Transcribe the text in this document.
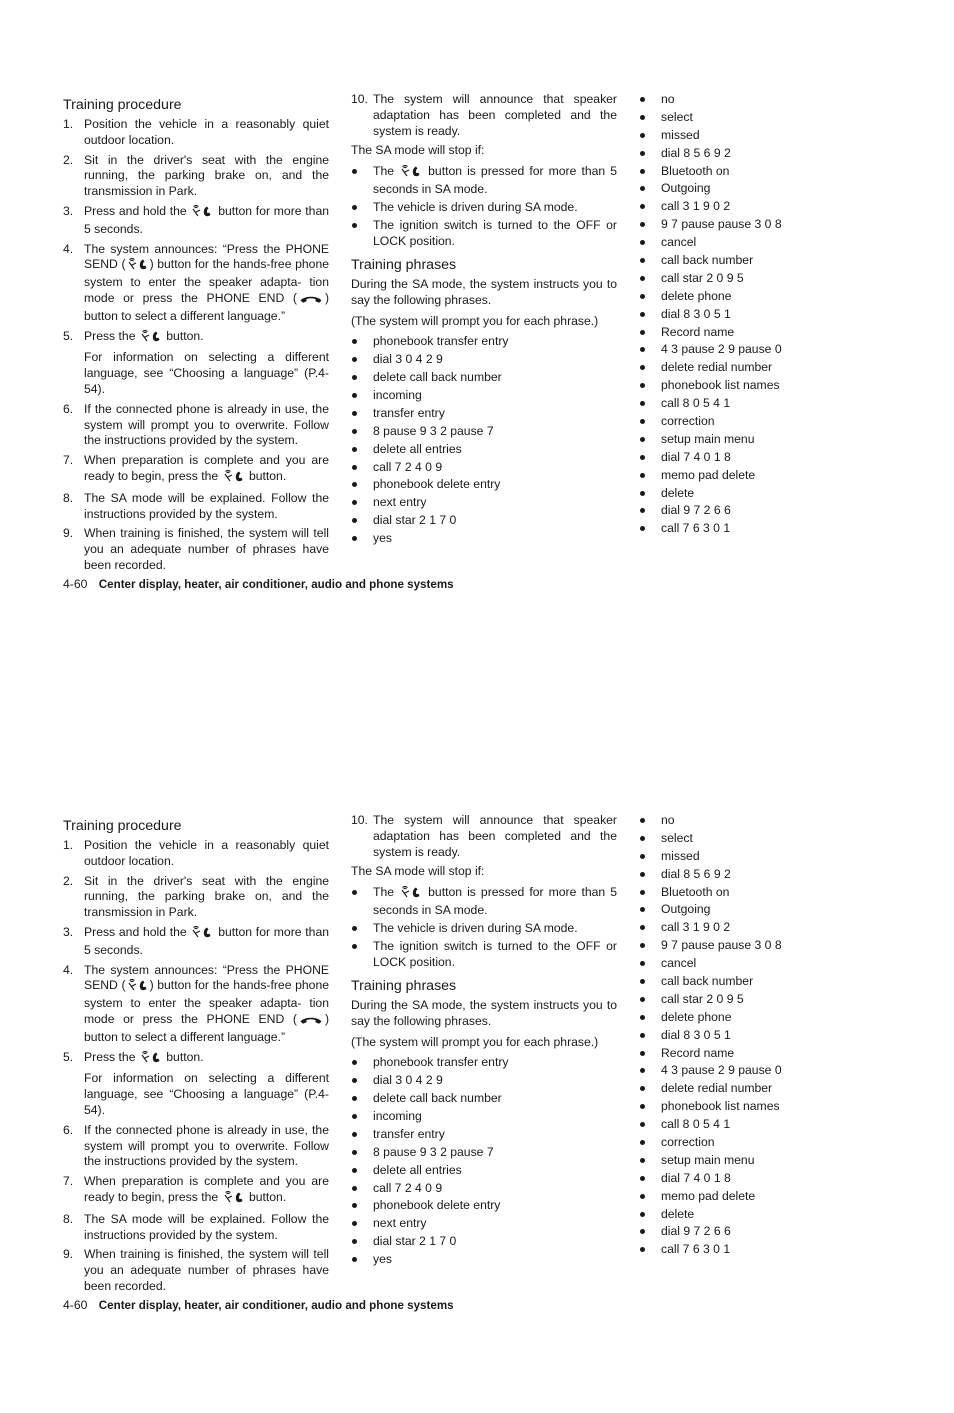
Training procedure
1. Position the vehicle in a reasonably quiet outdoor location.
2. Sit in the driver's seat with the engine running, the parking brake on, and the transmission in Park.
3. Press and hold the	button for more than 5 seconds.
4. The system announces: “Press the PHONE SEND ( ) button for the hands-free phone system to enter the speaker adapta- tion mode or press the PHONE END ( ) button to select a different language.”
5. Press the	button.
For information on selecting a different language, see “Choosing a language” (P.4- 54).
6. If the connected phone is already in use, the system will prompt you to overwrite. Follow the instructions provided by the system.
7. When preparation is complete and you are ready to begin, press the	button.
8. The SA mode will be explained. Follow the instructions provided by the system.
9. When training is finished, the system will tell you an adequate number of phrases have been recorded.
10. The system will announce that speaker adaptation has been completed and the system is ready.

The SA mode will stop if:

The	button is pressed for more than 5 seconds in SA mode.
The vehicle is driven during SA mode.
The ignition switch is turned to the OFF or LOCK position.
Training phrases

During the SA mode, the system instructs you to say the following phrases.

(The system will prompt you for each phrase.)

phonebook transfer entry
dial 3 0 4 2 9
delete call back number
incoming
transfer entry
8 pause 9 3 2 pause 7
delete all entries
call 7 2 4 0 9
phonebook delete entry
next entry
dial star 2 1 7 0
yes
no
select
missed
dial 8 5 6 9 2
Bluetooth on
Outgoing
call 3 1 9 0 2
9 7 pause pause 3 0 8
cancel
call back number
call star 2 0 9 5
delete phone
dial 8 3 0 5 1
Record name
4 3 pause 2 9 pause 0
delete redial number
phonebook list names
call 8 0 5 4 1
correction
setup main menu
dial 7 4 0 1 8
memo pad delete
delete
dial 9 7 2 6 6
call 7 6 3 0 1
4-60 Center display, heater, air conditioner, audio and phone systems
Training procedure
1. Position the vehicle in a reasonably quiet outdoor location.
2. Sit in the driver's seat with the engine running, the parking brake on, and the transmission in Park.
3. Press and hold the	button for more than 5 seconds.
4. The system announces: “Press the PHONE SEND ( ) button for the hands-free phone system to enter the speaker adapta- tion mode or press the PHONE END ( ) button to select a different language.”
5. Press the	button.
For information on selecting a different language, see “Choosing a language” (P.4- 54).
6. If the connected phone is already in use, the system will prompt you to overwrite. Follow the instructions provided by the system.
7. When preparation is complete and you are ready to begin, press the	button.
8. The SA mode will be explained. Follow the instructions provided by the system.
9. When training is finished, the system will tell you an adequate number of phrases have been recorded.
10. The system will announce that speaker adaptation has been completed and the system is ready.

The SA mode will stop if:

The	button is pressed for more than 5 seconds in SA mode.
The vehicle is driven during SA mode.
The ignition switch is turned to the OFF or LOCK position.
Training phrases

During the SA mode, the system instructs you to say the following phrases.

(The system will prompt you for each phrase.)

phonebook transfer entry
dial 3 0 4 2 9
delete call back number
incoming
transfer entry
8 pause 9 3 2 pause 7
delete all entries
call 7 2 4 0 9
phonebook delete entry
next entry
dial star 2 1 7 0
yes
no
select
missed
dial 8 5 6 9 2
Bluetooth on
Outgoing
call 3 1 9 0 2
9 7 pause pause 3 0 8
cancel
call back number
call star 2 0 9 5
delete phone
dial 8 3 0 5 1
Record name
4 3 pause 2 9 pause 0
delete redial number
phonebook list names
call 8 0 5 4 1
correction
setup main menu
dial 7 4 0 1 8
memo pad delete
delete
dial 9 7 2 6 6
call 7 6 3 0 1
4-60 Center display, heater, air conditioner, audio and phone systems
